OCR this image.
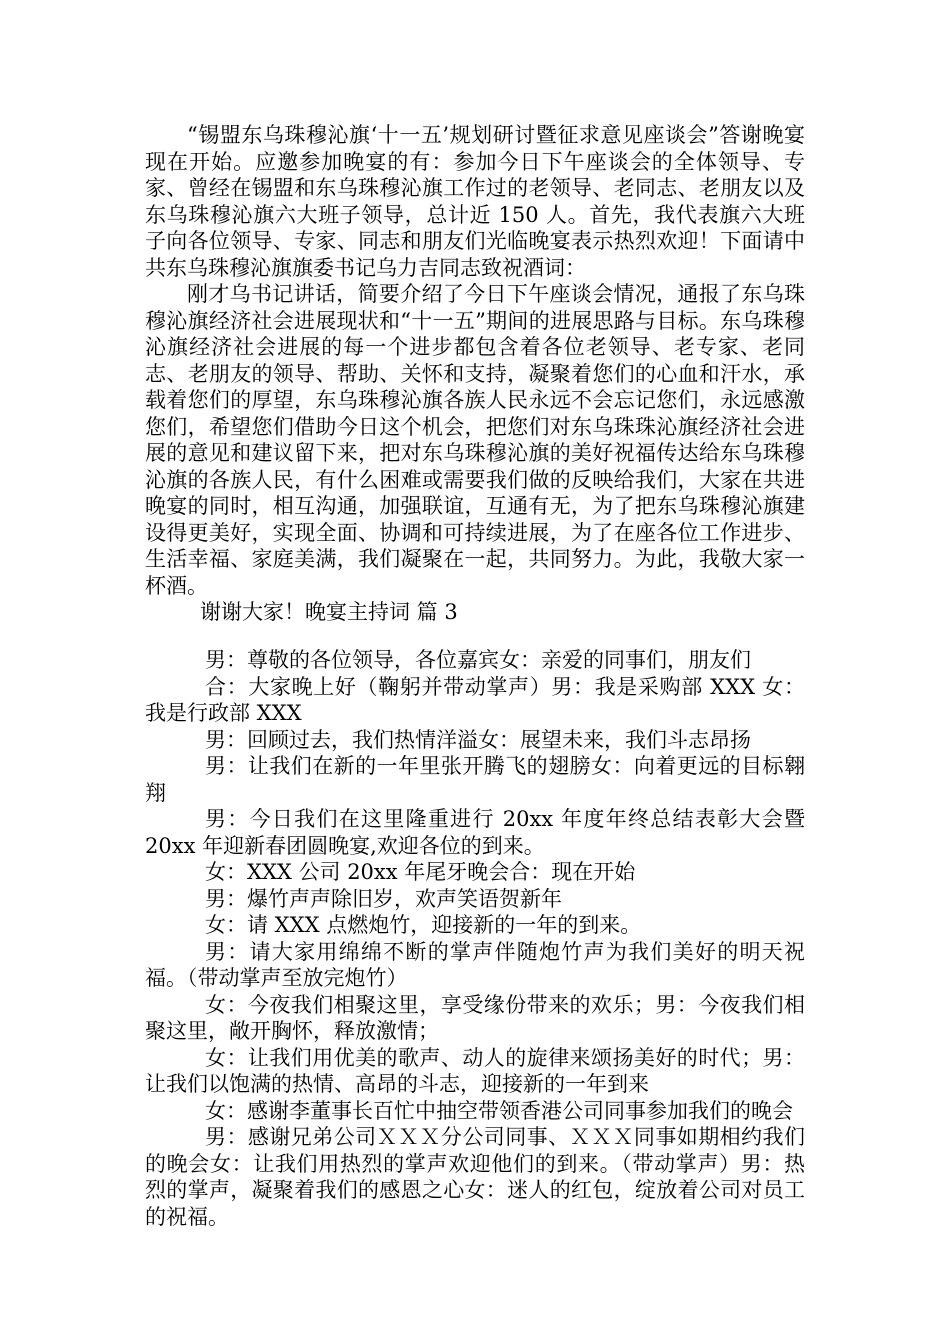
“锡盟东乌珠穆沁旗‘十一五’规划研讨暨征求意见座谈会”答谢晚宴现在开始。应邀参加晚宴的有：参加今日下午座谈会的全体领导、专家、曾经在锡盟和东乌珠穆沁旗工作过的老领导、老同志、老朋友以及东乌珠穆沁旗六大班子领导，总计近 150 人。首先，我代表旗六大班子向各位领导、专家、同志和朋友们光临晚宴表示热烈欢迎！下面请中共东乌珠穆沁旗旗委书记乌力吉同志致祝酒词：

刚才乌书记讲话，简要介绍了今日下午座谈会情况，通报了东乌珠穆沁旗经济社会进展现状和“十一五”期间的进展思路与目标。东乌珠穆沁旗经济社会进展的每一个进步都包含着各位老领导、老专家、老同志、老朋友的领导、帮助、关怀和支持，凝聚着您们的心血和汗水，承载着您们的厚望，东乌珠穆沁旗各族人民永远不会忘记您们，永远感激您们，希望您们借助今日这个机会，把您们对东乌珠珠沁旗经济社会进展的意见和建议留下来，把对东乌珠穆沁旗的美好祝福传达给东乌珠穆沁旗的各族人民，有什么困难或需要我们做的反映给我们，大家在共进晚宴的同时，相互沟通，加强联谊，互通有无，为了把东乌珠穆沁旗建设得更美好，实现全面、协调和可持续进展，为了在座各位工作进步、生活幸福、家庭美满，我们凝聚在一起，共同努力。为此，我敬大家一杯酒。

谢谢大家！晚宴主持词 篇 3

男：尊敬的各位领导，各位嘉宾女：亲爱的同事们，朋友们

合：大家晚上好（鞠躬并带动掌声）男：我是采购部 XXX 女：我是行政部 XXX

男：回顾过去，我们热情洋溢女：展望未来，我们斗志昂扬

男：让我们在新的一年里张开腾飞的翅膀女：向着更远的目标翱翔

男：今日我们在这里隆重进行 20xx 年度年终总结表彰大会暨 20xx 年迎新春团圆晚宴,欢迎各位的到来。

女：XXX 公司 20xx 年尾牙晚会合：现在开始

男：爆竹声声除旧岁，欢声笑语贺新年

女：请 XXX 点燃炮竹，迎接新的一年的到来。

男：请大家用绵绵不断的掌声伴随炮竹声为我们美好的明天祝福。（带动掌声至放完炮竹）

女：今夜我们相聚这里，享受缘份带来的欢乐；男：今夜我们相聚这里，敞开胸怀，释放激情；

女：让我们用优美的歌声、动人的旋律来颂扬美好的时代；男：让我们以饱满的热情、高昂的斗志，迎接新的一年到来

女：感谢李董事长百忙中抽空带领香港公司同事参加我们的晚会

男：感谢兄弟公司ＸＸＸ分公司同事、ＸＸＸ同事如期相约我们的晚会女：让我们用热烈的掌声欢迎他们的到来。（带动掌声）男：热烈的掌声，凝聚着我们的感恩之心女：迷人的红包，绽放着公司对员工的祝福。
